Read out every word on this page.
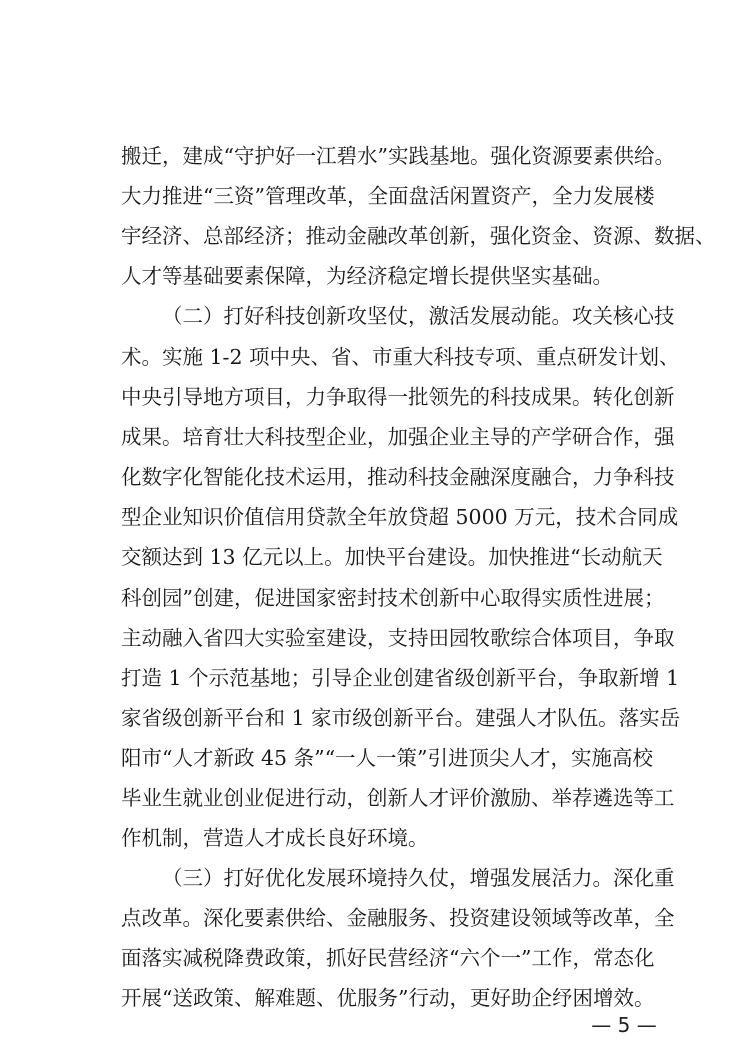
搬迁，建成“守护好一江碧水”实践基地。强化资源要素供给。
大力推进“三资”管理改革，全面盘活闲置资产，全力发展楼
宇经济、总部经济；推动金融改革创新，强化资金、资源、数据、
人才等基础要素保障，为经济稳定增长提供坚实基础。
（二）打好科技创新攻坚仗，激活发展动能。攻关核心技
术。实施 1-2 项中央、省、市重大科技专项、重点研发计划、
中央引导地方项目，力争取得一批领先的科技成果。转化创新
成果。培育壮大科技型企业，加强企业主导的产学研合作，强
化数字化智能化技术运用，推动科技金融深度融合，力争科技
型企业知识价值信用贷款全年放贷超 5000 万元，技术合同成
交额达到 13 亿元以上。加快平台建设。加快推进“长动航天
科创园”创建，促进国家密封技术创新中心取得实质性进展；
主动融入省四大实验室建设，支持田园牧歌综合体项目，争取
打造 1 个示范基地；引导企业创建省级创新平台，争取新增 1
家省级创新平台和 1 家市级创新平台。建强人才队伍。落实岳
阳市“人才新政 45 条”“一人一策”引进顶尖人才，实施高校
毕业生就业创业促进行动，创新人才评价激励、举荐遴选等工
作机制，营造人才成长良好环境。
（三）打好优化发展环境持久仗，增强发展活力。深化重
点改革。深化要素供给、金融服务、投资建设领域等改革，全
面落实减税降费政策，抓好民营经济“六个一”工作，常态化
开展“送政策、解难题、优服务”行动，更好助企纾困增效。
— 5 —
